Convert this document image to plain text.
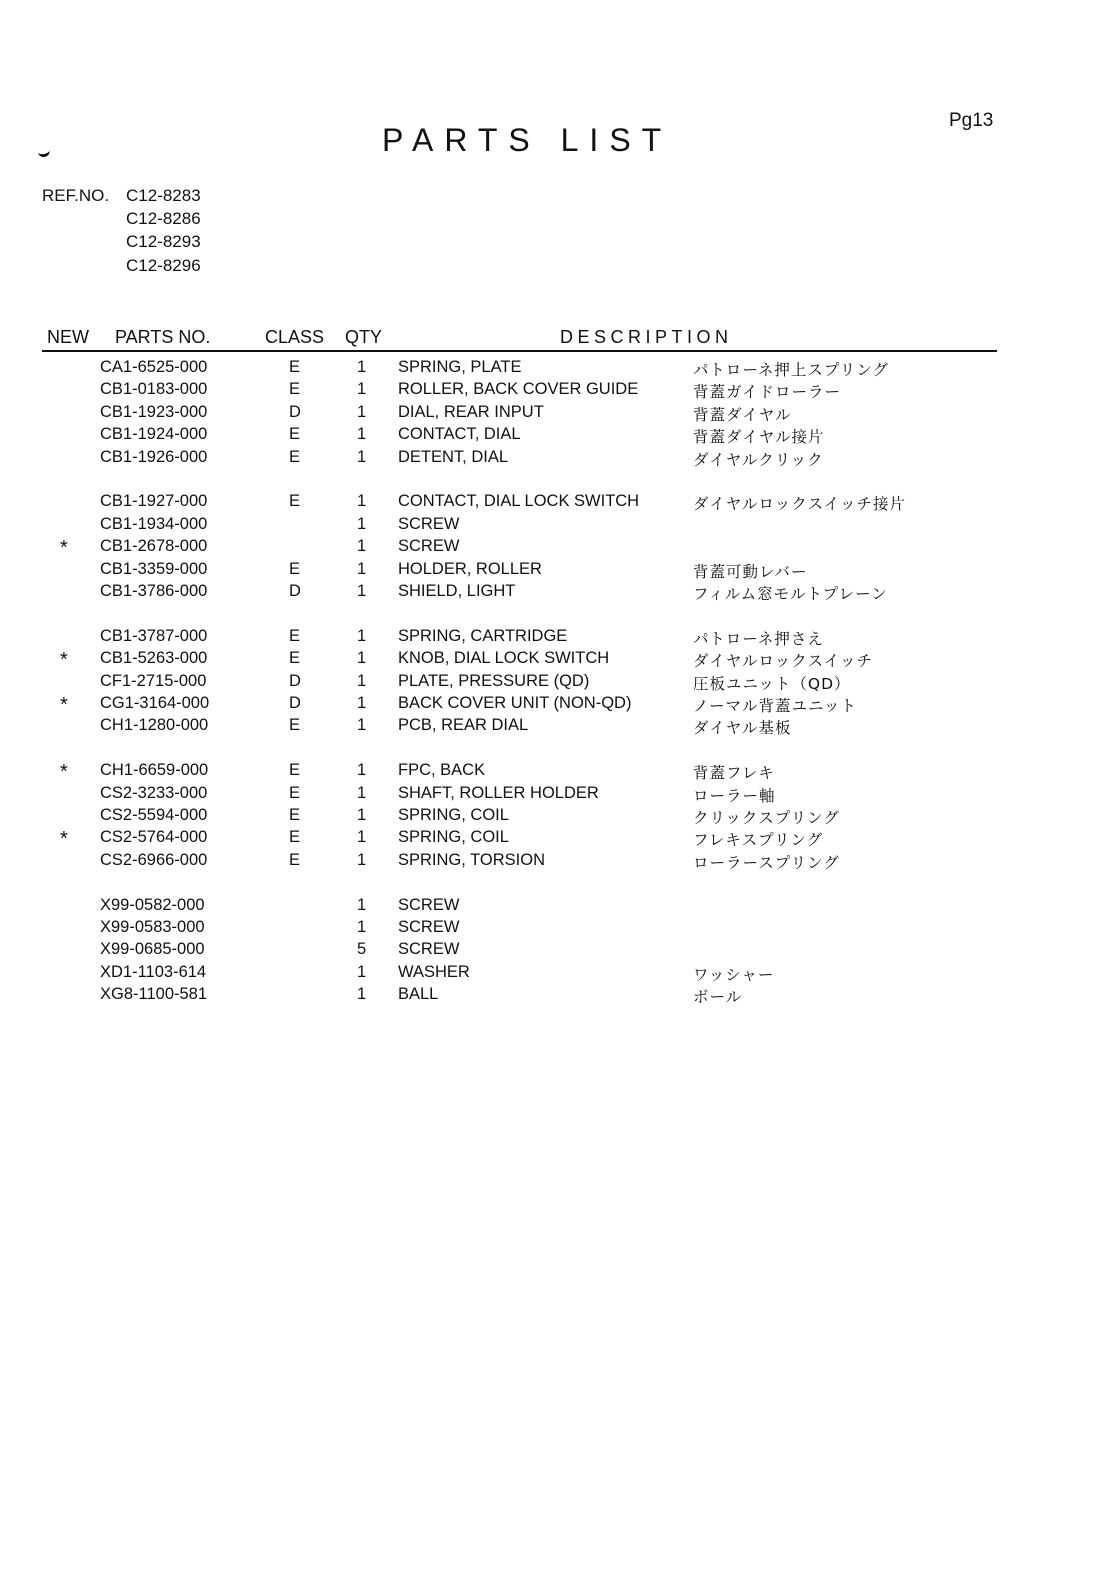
Pg13
PARTS LIST
REF.NO. C12-8283
C12-8286
C12-8293
C12-8296
NEW PARTS NO.	CLASS QTY	DESCRIPTION
CA1-6525-000	E	1 SPRING, PLATE	パトローネ押上スプリング
CB1-0183-000	E	1 ROLLER, BACK COVER GUIDE	背蓋ガイドローラー
CB1-1923-000	D	1 DIAL, REAR INPUT	背蓋ダイヤル
CB1-1924-000	E	1 CONTACT, DIAL	背蓋ダイヤル接片
CB1-1926-000	E	1 DETENT, DIAL	ダイヤルクリック
CB1-1927-000	E	1 CONTACT, DIAL LOCK SWITCH	ダイヤルロックスイッチ接片
CB1-1934-000	1 SCREW
* CB1-2678-000	1 SCREW
CB1-3359-000	E	1 HOLDER, ROLLER	背蓋可動レバー
CB1-3786-000	D	1 SHIELD, LIGHT	フィルム窓モルトプレーン
CB1-3787-000	E	1 SPRING, CARTRIDGE	パトローネ押さえ
* CB1-5263-000	E	1 KNOB, DIAL LOCK SWITCH	ダイヤルロックスイッチ
CF1-2715-000	D	1 PLATE, PRESSURE (QD)	圧板ユニット（QD）
* CG1-3164-000	D	1 BACK COVER UNIT (NON-QD)	ノーマル背蓋ユニット
CH1-1280-000	E	1 PCB, REAR DIAL	ダイヤル基板
* CH1-6659-000	E	1 FPC, BACK	背蓋フレキ
CS2-3233-000	E	1 SHAFT, ROLLER HOLDER	ローラー軸
CS2-5594-000	E	1 SPRING, COIL	クリックスプリング
* CS2-5764-000	E	1 SPRING, COIL	フレキスプリング
CS2-6966-000	E	1 SPRING, TORSION	ローラースプリング
X99-0582-000	1 SCREW
X99-0583-000	1 SCREW
X99-0685-000	5 SCREW
XD1-1103-614	1 WASHER	ワッシャー
XG8-1100-581	1 BALL	ボール
